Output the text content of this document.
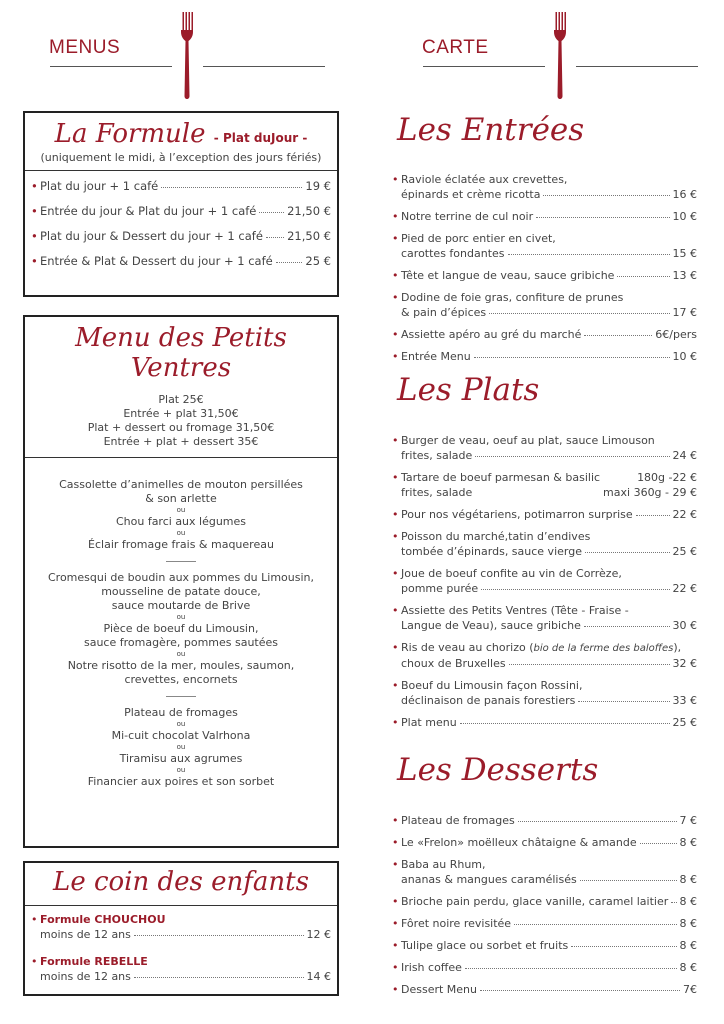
MENUS	CARTE
La Formule - Plat duJour -
(uniquement le midi, à l’exception des jours fériés)
• Plat du jour + 1 café	19 €
• Entrée du jour & Plat du jour + 1 café	21,50 €
• Plat du jour & Dessert du jour + 1 café 21,50 €
• Entrée & Plat & Dessert du jour + 1 café	25 €
Menu des Petits Ventres
Plat 25€
Entrée + plat 31,50€
Plat + dessert ou fromage 31,50€
Entrée + plat + dessert 35€
Cassolette d’animelles de mouton persillées
& son arlette
ou
Chou farci aux légumes
ou
Éclair fromage frais & maquereau
Cromesqui de boudin aux pommes du Limousin,
mousseline de patate douce,
sauce moutarde de Brive
ou
Pièce de boeuf du Limousin,
sauce fromagère, pommes sautées
ou
Notre risotto de la mer, moules, saumon,
crevettes, encornets
Plateau de fromages
ou
Mi-cuit chocolat Valrhona
ou
Tiramisu aux agrumes
ou
Financier aux poires et son sorbet
Le coin des enfants
• Formule CHOUCHOU
moins de 12 ans	12 €
• Formule REBELLE
moins de 12 ans	14 €
Les Entrées
• Raviole éclatée aux crevettes,
épinards et crème ricotta	16 €
• Notre terrine de cul noir	10 €
• Pied de porc entier en civet,
carottes fondantes	15 €
• Tête et langue de veau, sauce gribiche	13 €
• Dodine de foie gras, confiture de prunes
& pain d’épices	17 €
• Assiette apéro au gré du marché	6€/pers
• Entrée Menu	10 €
Les Plats
• Burger de veau, oeuf au plat, sauce Limouson
frites, salade	24 €
• Tartare de boeuf parmesan & basilic	180g -22 €
frites, salade	maxi 360g - 29 €
• Pour nos végétariens, potimarron surprise	22 €
• Poisson du marché,tatin d’endives
tombée d’épinards, sauce vierge	25 €
• Joue de boeuf confite au vin de Corrèze,
pomme purée	22 €
• Assiette des Petits Ventres (Tête - Fraise -
Langue de Veau), sauce gribiche	30 €
• Ris de veau au chorizo (bio de la ferme des baloffes),
choux de Bruxelles	32 €
• Boeuf du Limousin façon Rossini,
déclinaison de panais forestiers	33 €
• Plat menu	25 €
Les Desserts
• Plateau de fromages	7 €
• Le «Frelon» moëlleux châtaigne & amande	8 €
• Baba au Rhum,
ananas & mangues caramélisés	8 €
• Brioche pain perdu, glace vanille, caramel laitier 8 €
• Fôret noire revisitée	8 €
• Tulipe glace ou sorbet et fruits	8 €
• Irish coffee	8 €
• Dessert Menu	7€
